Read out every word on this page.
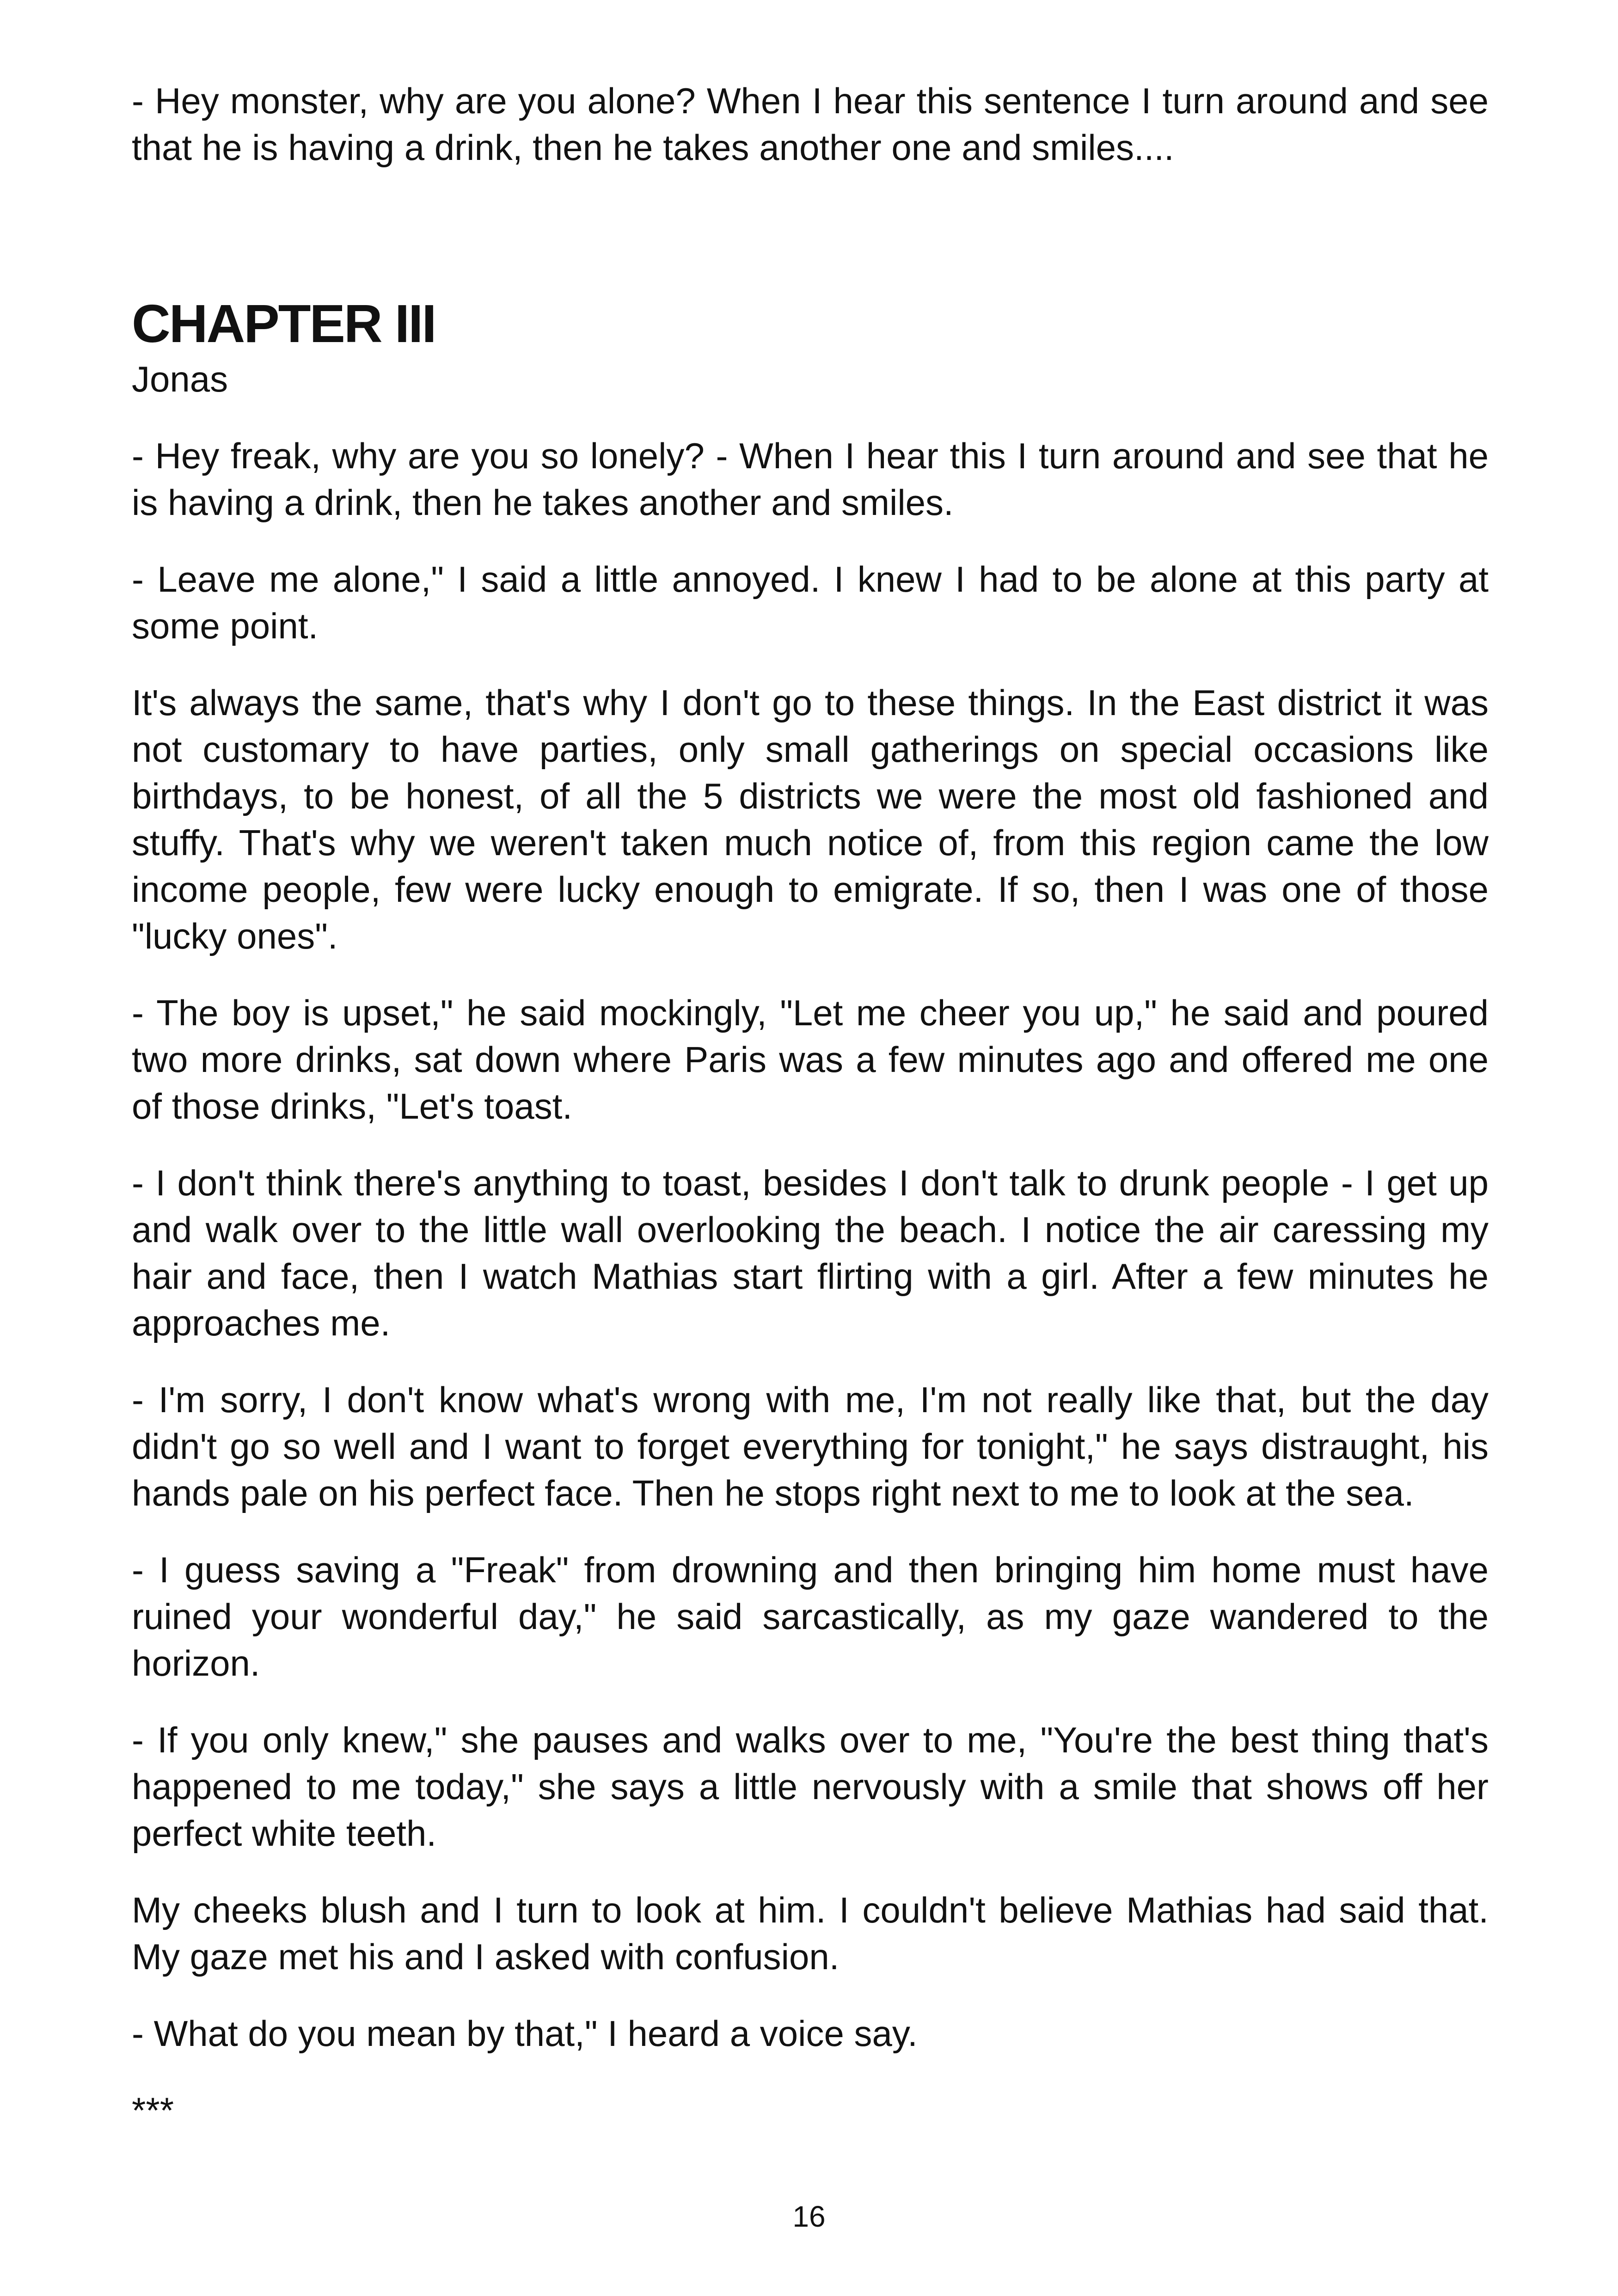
- Hey monster, why are you alone? When I hear this sentence I turn around and see that he is having a drink, then he takes another one and smiles....

CHAPTER III
Jonas

- Hey freak, why are you so lonely? - When I hear this I turn around and see that he is having a drink, then he takes another and smiles.

- Leave me alone," I said a little annoyed. I knew I had to be alone at this party at some point.

It's always the same, that's why I don't go to these things. In the East district it was not customary to have parties, only small gatherings on special occasions like birthdays, to be honest, of all the 5 districts we were the most old fashioned and stuffy. That's why we weren't taken much notice of, from this region came the low income people, few were lucky enough to emigrate. If so, then I was one of those "lucky ones".

- The boy is upset," he said mockingly, "Let me cheer you up," he said and poured two more drinks, sat down where Paris was a few minutes ago and offered me one of those drinks, "Let's toast.

- I don't think there's anything to toast, besides I don't talk to drunk people - I get up and walk over to the little wall overlooking the beach. I notice the air caressing my hair and face, then I watch Mathias start flirting with a girl. After a few minutes he approaches me.

- I'm sorry, I don't know what's wrong with me, I'm not really like that, but the day didn't go so well and I want to forget everything for tonight," he says distraught, his hands pale on his perfect face. Then he stops right next to me to look at the sea.

- I guess saving a "Freak" from drowning and then bringing him home must have ruined your wonderful day," he said sarcastically, as my gaze wandered to the horizon.

- If you only knew," she pauses and walks over to me, "You're the best thing that's happened to me today," she says a little nervously with a smile that shows off her perfect white teeth.

My cheeks blush and I turn to look at him. I couldn't believe Mathias had said that. My gaze met his and I asked with confusion.

- What do you mean by that," I heard a voice say.

***
16
